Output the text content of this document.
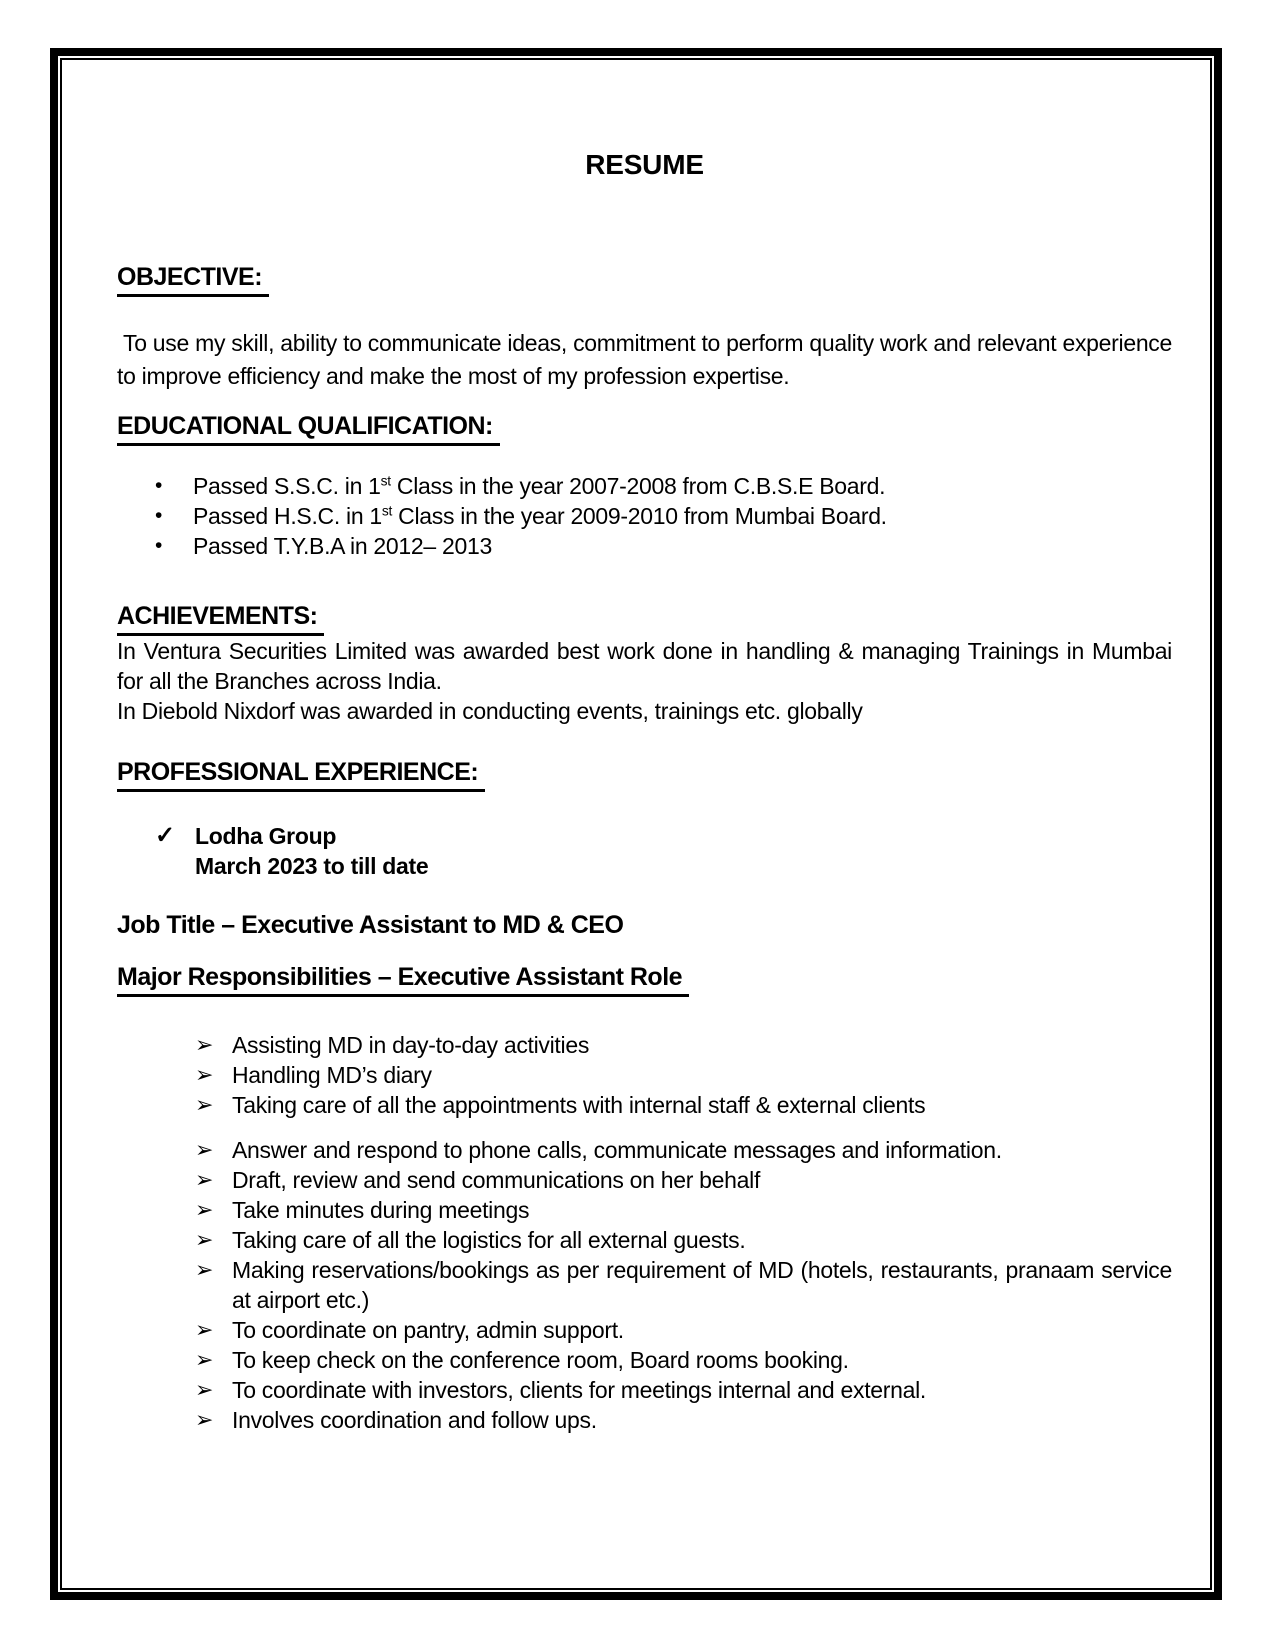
RESUME
OBJECTIVE:

To use my skill, ability to communicate ideas, commitment to perform quality work and relevant experience to improve efficiency and make the most of my profession expertise.

EDUCATIONAL QUALIFICATION:
• Passed S.S.C. in 1st Class in the year 2007-2008 from C.B.S.E Board.
• Passed H.S.C. in 1st Class in the year 2009-2010 from Mumbai Board.
• Passed T.Y.B.A in 2012– 2013
ACHIEVEMENTS:

In Ventura Securities Limited was awarded best work done in handling & managing Trainings in Mumbai for all the Branches across India.

In Diebold Nixdorf was awarded in conducting events, trainings etc. globally

PROFESSIONAL EXPERIENCE:
✓ Lodha Group
March 2023 to till date

Job Title – Executive Assistant to MD & CEO

Major Responsibilities – Executive Assistant Role
➢ Assisting MD in day-to-day activities
➢ Handling MD’s diary
➢ Taking care of all the appointments with internal staff & external clients
➢ Answer and respond to phone calls, communicate messages and information.
➢ Draft, review and send communications on her behalf
➢ Take minutes during meetings
➢ Taking care of all the logistics for all external guests.
➢ Making reservations/bookings as per requirement of MD (hotels, restaurants, pranaam service at airport etc.)
➢ To coordinate on pantry, admin support.
➢ To keep check on the conference room, Board rooms booking.
➢ To coordinate with investors, clients for meetings internal and external.
➢ Involves coordination and follow ups.
